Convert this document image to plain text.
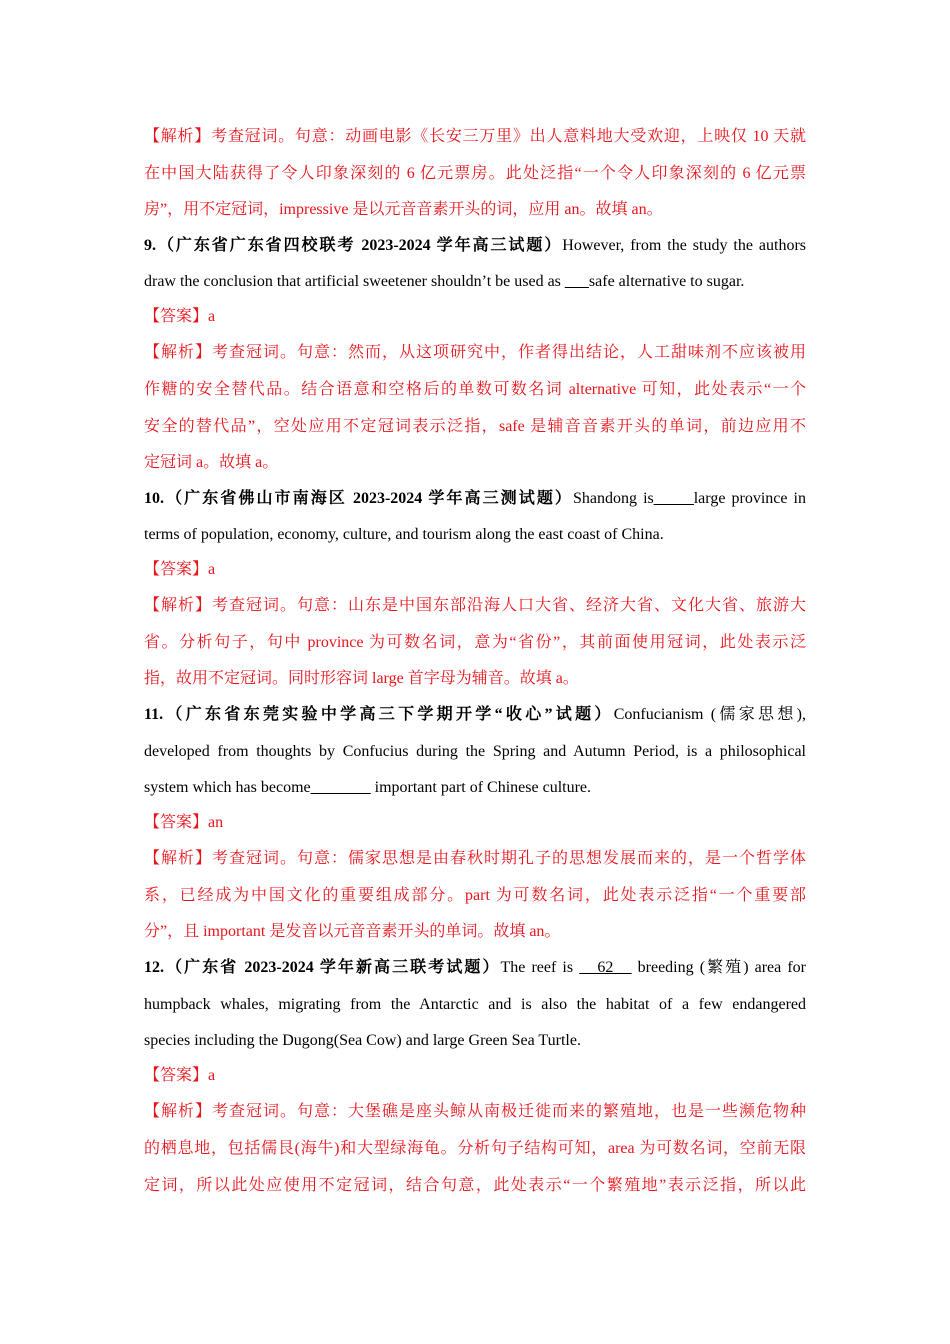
【解析】考查冠词。句意：动画电影《长安三万里》出人意料地大受欢迎，上映仅 10 天就
在中国大陆获得了令人印象深刻的 6 亿元票房。此处泛指“一个令人印象深刻的 6 亿元票
房”，用不定冠词，impressive 是以元音音素开头的词，应用 an。故填 an。
9.（广东省广东省四校联考 2023-2024 学年高三试题）However, from the study the authors
draw the conclusion that artificial sweetener shouldn’t be used as ___safe alternative to sugar.
【答案】a
【解析】考查冠词。句意：然而，从这项研究中，作者得出结论，人工甜味剂不应该被用
作糖的安全替代品。结合语意和空格后的单数可数名词 alternative 可知，此处表示“一个
安全的替代品”，空处应用不定冠词表示泛指，safe 是辅音音素开头的单词，前边应用不
定冠词 a。故填 a。
10.（广东省佛山市南海区 2023-2024 学年高三测试题）Shandong is_____large province in
terms of population, economy, culture, and tourism along the east coast of China.
【答案】a
【解析】考查冠词。句意：山东是中国东部沿海人口大省、经济大省、文化大省、旅游大
省。分析句子，句中 province 为可数名词，意为“省份”，其前面使用冠词，此处表示泛
指，故用不定冠词。同时形容词 large 首字母为辅音。故填 a。
11.（广东省东莞实验中学高三下学期开学“收心”试题）Confucianism (儒家思想),
developed from thoughts by Confucius during the Spring and Autumn Period, is a philosophical
system which has become___ ____ important part of Chinese culture.
【答案】an
【解析】考查冠词。句意：儒家思想是由春秋时期孔子的思想发展而来的，是一个哲学体
系，已经成为中国文化的重要组成部分。part 为可数名词，此处表示泛指“一个重要部
分”，且 important 是发音以元音音素开头的单词。故填 an。
12.（广东省 2023-2024 学年新高三联考试题）The reef is    62    breeding (繁殖) area for
humpback whales, migrating from the Antarctic and is also the habitat of a few endangered
species including the Dugong(Sea Cow) and large Green Sea Turtle.
【答案】a
【解析】考查冠词。句意：大堡礁是座头鲸从南极迁徙而来的繁殖地，也是一些濒危物种
的栖息地，包括儒艮(海牛)和大型绿海龟。分析句子结构可知，area 为可数名词，空前无限
定词，所以此处应使用不定冠词，结合句意，此处表示“一个繁殖地”表示泛指，所以此
